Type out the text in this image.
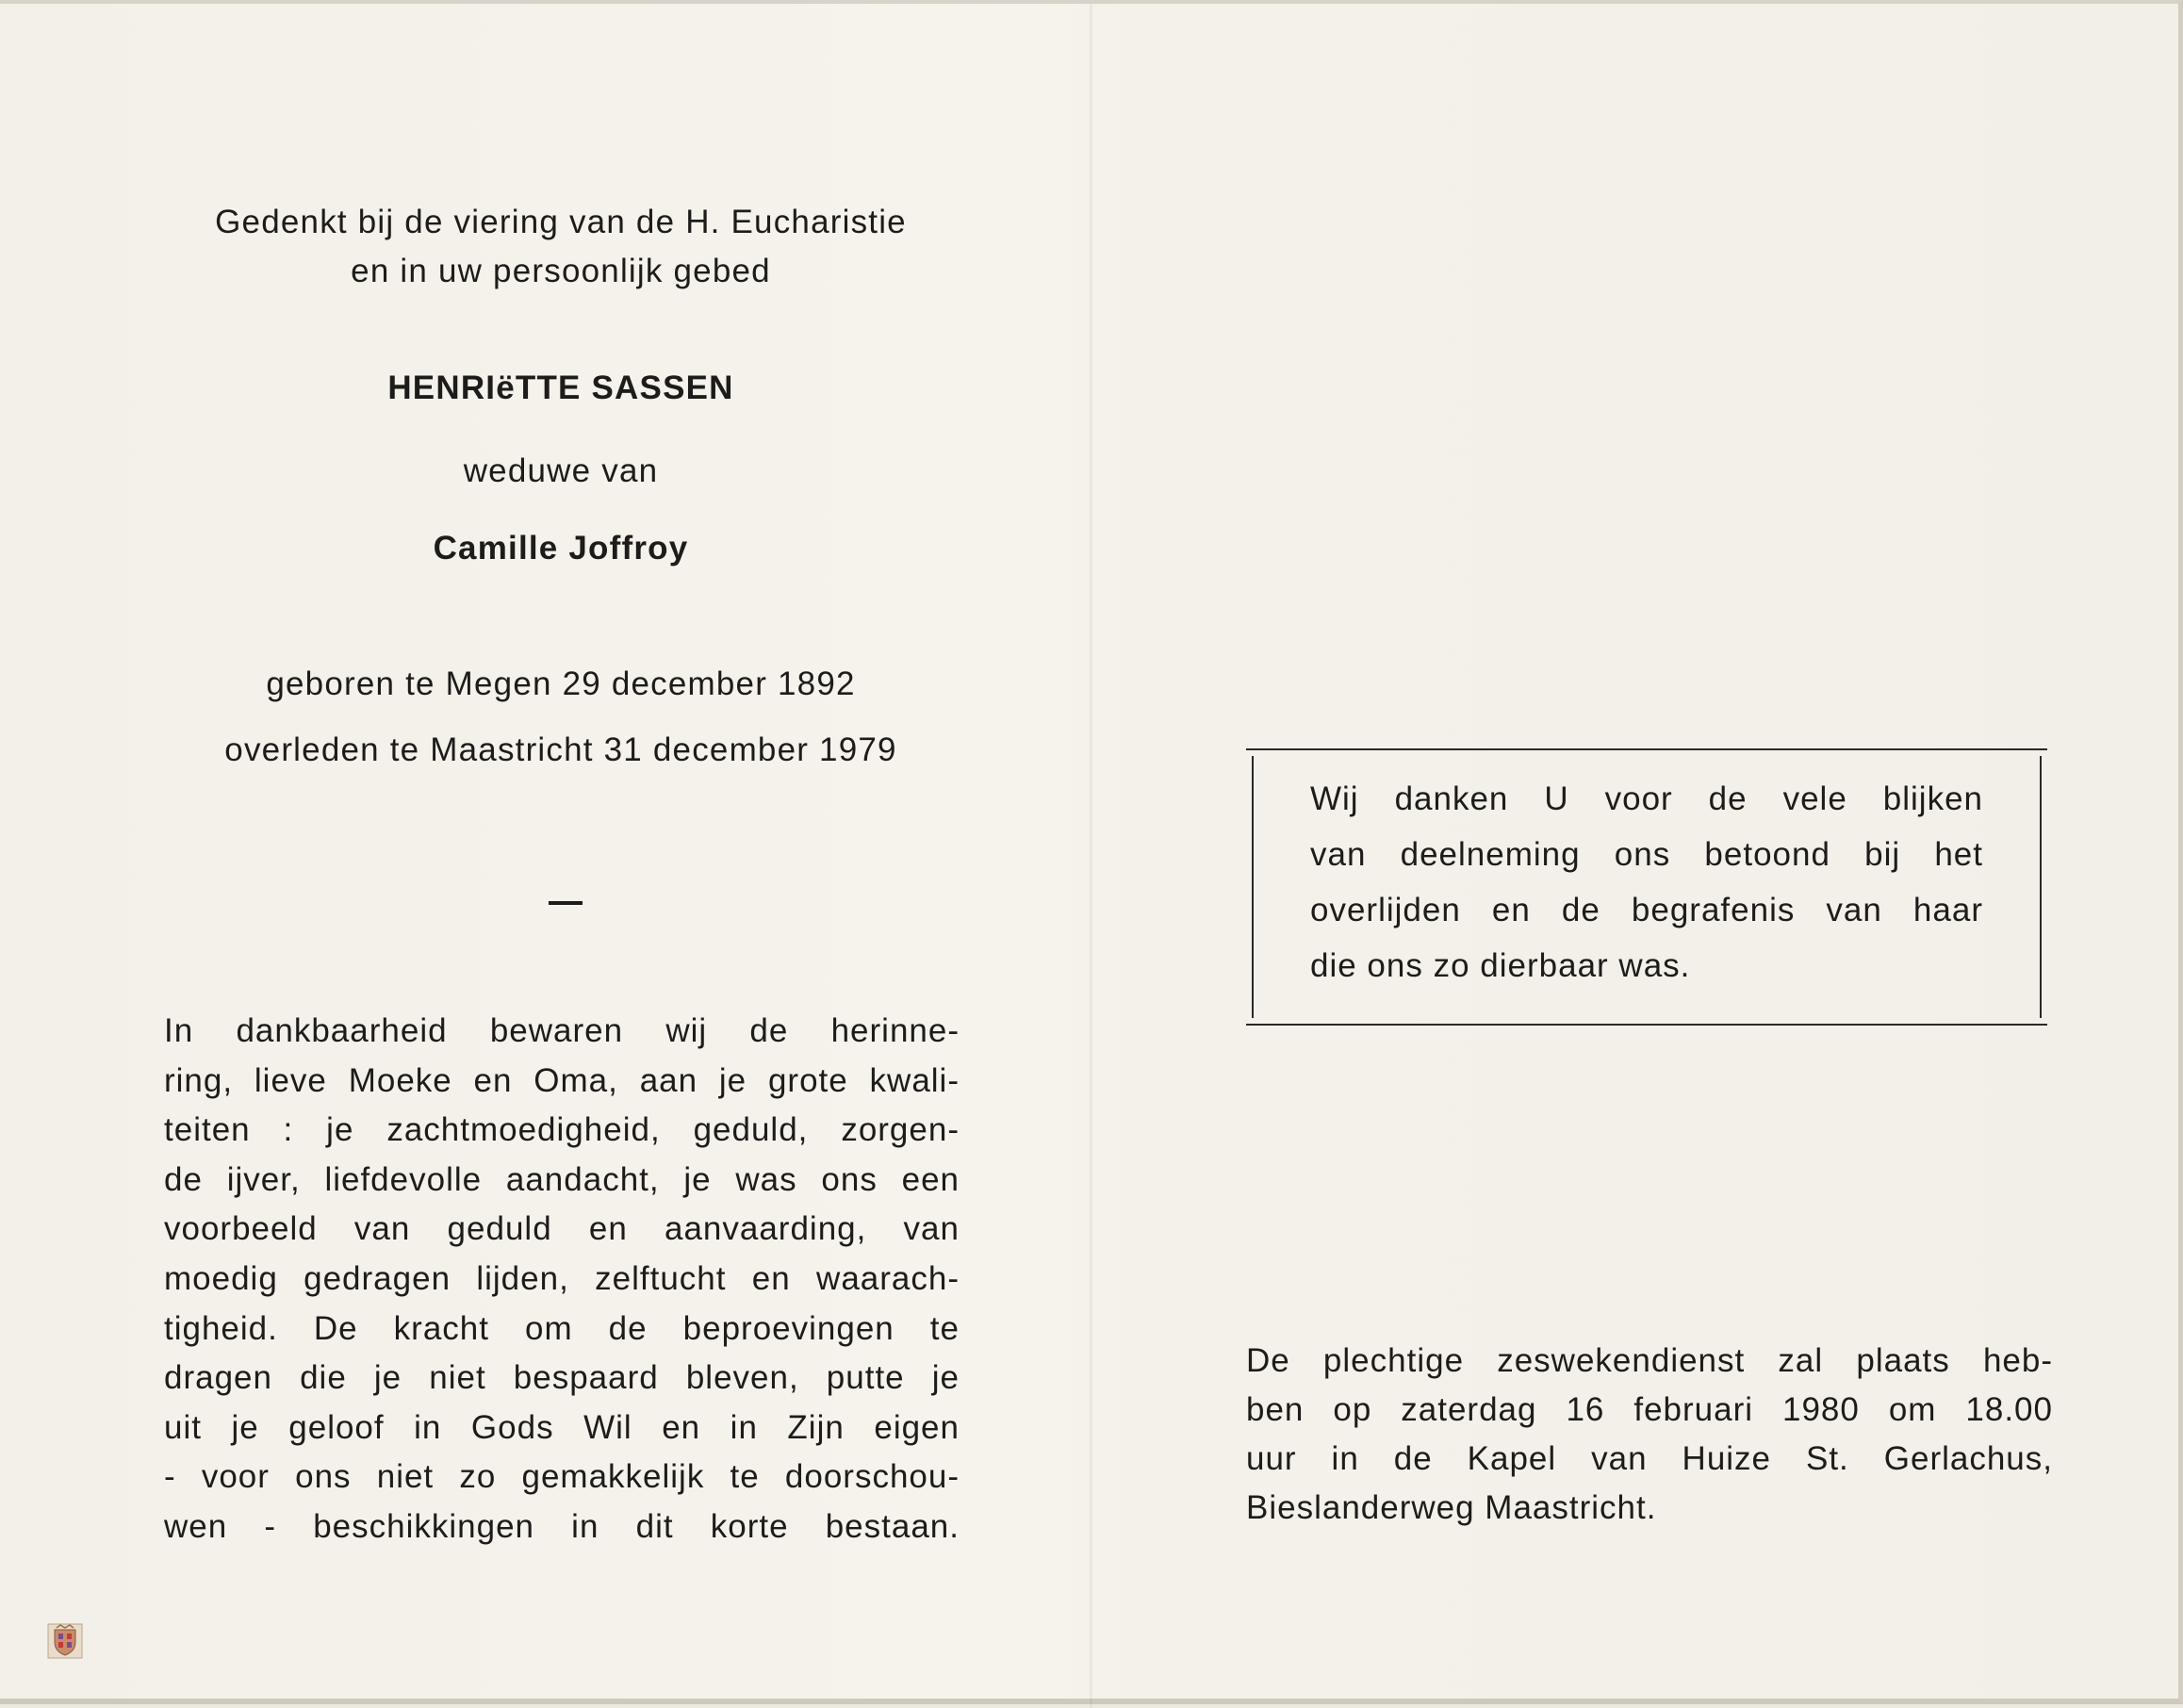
Gedenkt bij de viering van de H. Eucharistie
en in uw persoonlijk gebed
HENRIëTTE SASSEN
weduwe van
Camille Joffroy
geboren te Megen 29 december 1892
overleden te Maastricht 31 december 1979
In dankbaarheid bewaren wij de herinne-
ring, lieve Moeke en Oma, aan je grote kwali-
teiten : je zachtmoedigheid, geduld, zorgen-
de ijver, liefdevolle aandacht, je was ons een
voorbeeld van geduld en aanvaarding, van
moedig gedragen lijden, zelftucht en waarach-
tigheid. De kracht om de beproevingen te
dragen die je niet bespaard bleven, putte je
uit je geloof in Gods Wil en in Zijn eigen
- voor ons niet zo gemakkelijk te doorschou-
wen - beschikkingen in dit korte bestaan.
Wij danken U voor de vele blijken
van deelneming ons betoond bij het
overlijden en de begrafenis van haar
die ons zo dierbaar was.
De plechtige zeswekendienst zal plaats heb-
ben op zaterdag 16 februari 1980 om 18.00
uur in de Kapel van Huize St. Gerlachus,
Bieslanderweg Maastricht.
